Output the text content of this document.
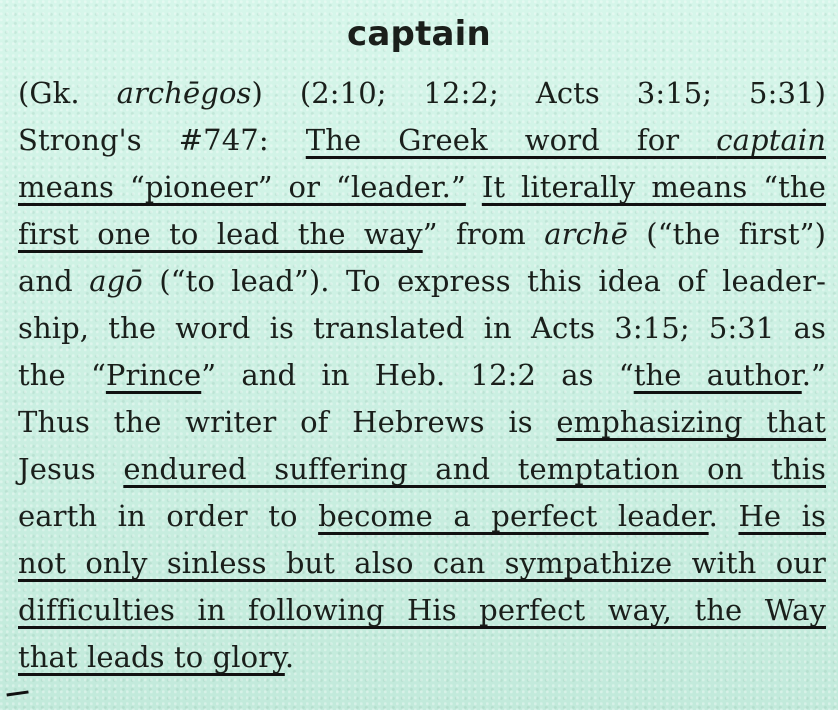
captain
(Gk. archēgos) (2:10; 12:2; Acts 3:15; 5:31)
Strong's #747: The Greek word for captain
means “pioneer” or “leader.” It literally means “the
first one to lead the way” from archē (“the first”)
and agō (“to lead”). To express this idea of leader-
ship, the word is translated in Acts 3:15; 5:31 as
the “Prince” and in Heb. 12:2 as “the author.”
Thus the writer of Hebrews is emphasizing that
Jesus endured suffering and temptation on this
earth in order to become a perfect leader. He is
not only sinless but also can sympathize with our
difficulties in following His perfect way, the Way
that leads to glory.
